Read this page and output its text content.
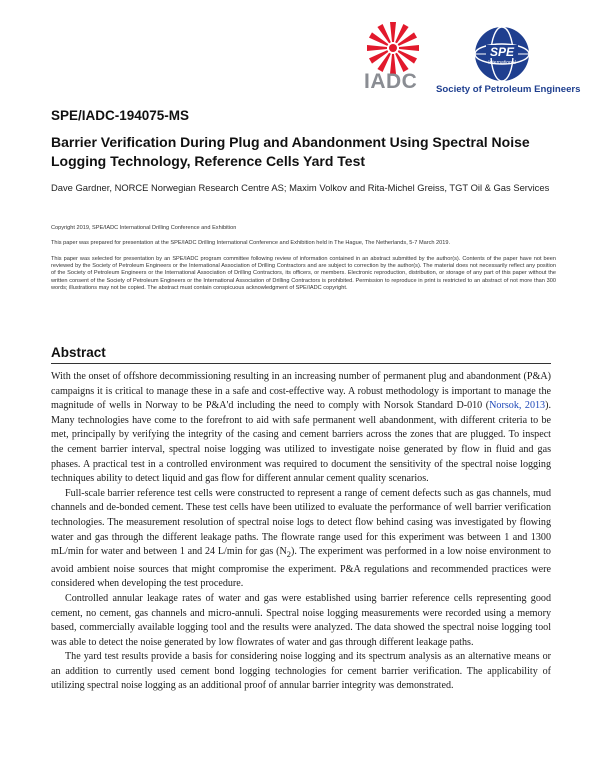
IADC
SPE
International
Society of Petroleum Engineers
SPE/IADC-194075-MS
Barrier Verification During Plug and Abandonment Using Spectral Noise Logging Technology, Reference Cells Yard Test
Dave Gardner, NORCE Norwegian Research Centre AS; Maxim Volkov and Rita-Michel Greiss, TGT Oil & Gas Services
Copyright 2019, SPE/IADC International Drilling Conference and Exhibition
This paper was prepared for presentation at the SPE/IADC Drilling International Conference and Exhibition held in The Hague, The Netherlands, 5-7 March 2019.
This paper was selected for presentation by an SPE/IADC program committee following review of information contained in an abstract submitted by the author(s). Contents of the paper have not been reviewed by the Society of Petroleum Engineers or the International Association of Drilling Contractors and are subject to correction by the author(s). The material does not necessarily reflect any position of the Society of Petroleum Engineers or the International Association of Drilling Contractors, its officers, or members. Electronic reproduction, distribution, or storage of any part of this paper without the written consent of the Society of Petroleum Engineers or the International Association of Drilling Contractors is prohibited. Permission to reproduce in print is restricted to an abstract of not more than 300 words; illustrations may not be copied. The abstract must contain conspicuous acknowledgment of SPE/IADC copyright.
Abstract

With the onset of offshore decommissioning resulting in an increasing number of permanent plug and abandonment (P&A) campaigns it is critical to manage these in a safe and cost-effective way. A robust methodology is important to manage the magnitude of wells in Norway to be P&A'd including the need to comply with Norsok Standard D-010 (Norsok, 2013). Many technologies have come to the forefront to aid with safe permanent well abandonment, with different criteria to be met, principally by verifying the integrity of the casing and cement barriers across the zones that are plugged. To inspect the cement barrier interval, spectral noise logging was utilized to investigate noise generated by flow in fluid and gas phases. A practical test in a controlled environment was required to document the sensitivity of the spectral noise logging techniques ability to detect liquid and gas flow for different annular cement quality scenarios.

Full-scale barrier reference test cells were constructed to represent a range of cement defects such as gas channels, mud channels and de-bonded cement. These test cells have been utilized to evaluate the performance of well barrier verification technologies. The measurement resolution of spectral noise logs to detect flow behind casing was investigated by flowing water and gas through the different leakage paths. The flowrate range used for this experiment was between 1 and 1300 mL/min for water and between 1 and 24 L/min for gas $(N_2)$. The experiment was performed in a low noise environment to avoid ambient noise sources that might compromise the experiment. P&A regulations and recommended practices were considered when developing the test procedure.

Controlled annular leakage rates of water and gas were established using barrier reference cells representing good cement, no cement, gas channels and micro-annuli. Spectral noise logging measurements were recorded using a memory based, commercially available logging tool and the results were analyzed. The data showed the spectral noise logging tool was able to detect the noise generated by low flowrates of water and gas through different leakage paths.

The yard test results provide a basis for considering noise logging and its spectrum analysis as an alternative means or an addition to currently used cement bond logging technologies for cement barrier verification. The applicability of utilizing spectral noise logging as an additional proof of annular barrier integrity was demonstrated.
